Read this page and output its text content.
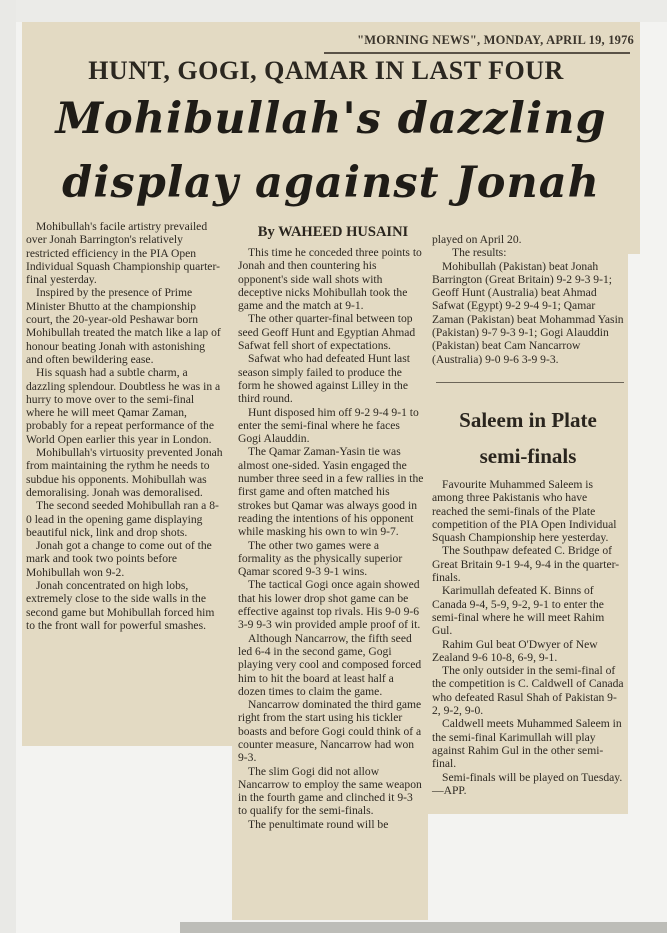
"MORNING NEWS", MONDAY, APRIL 19, 1976
HUNT, GOGI, QAMAR IN LAST FOUR
Mohibullah's dazzling
display against Jonah
By WAHEED HUSAINI

Mohibullah's facile artistry prevailed over Jonah Barrington's relatively restricted efficiency in the PIA Open Individual Squash Championship quarter-final yesterday.

Inspired by the presence of Prime Minister Bhutto at the championship court, the 20-year-old Peshawar born Mohibullah treated the match like a lap of honour beating Jonah with astonishing and often bewildering ease.

His squash had a subtle charm, a dazzling splendour. Doubtless he was in a hurry to move over to the semi-final where he will meet Qamar Zaman, probably for a repeat performance of the World Open earlier this year in London.

Mohibullah's virtuosity prevented Jonah from maintaining the rythm he needs to subdue his opponents. Mohibullah was demoralising. Jonah was demoralised.

The second seeded Mohibullah ran a 8-0 lead in the opening game displaying beautiful nick, link and drop shots.

Jonah got a change to come out of the mark and took two points before Mohibullah won 9-2.

Jonah concentrated on high lobs, extremely close to the side walls in the second game but Mohibullah forced him to the front wall for powerful smashes.

This time he conceded three points to Jonah and then countering his opponent's side wall shots with deceptive nicks Mohibullah took the game and the match at 9-1.

The other quarter-final between top seed Geoff Hunt and Egyptian Ahmad Safwat fell short of expectations.

Safwat who had defeated Hunt last season simply failed to produce the form he showed against Lilley in the third round.

Hunt disposed him off 9-2 9-4 9-1 to enter the semi-final where he faces Gogi Alauddin.

The Qamar Zaman-Yasin tie was almost one-sided. Yasin engaged the number three seed in a few rallies in the first game and often matched his strokes but Qamar was always good in reading the intentions of his opponent while masking his own to win 9-7.

The other two games were a formality as the physically superior Qamar scored 9-3 9-1 wins.

The tactical Gogi once again showed that his lower drop shot game can be effective against top rivals. His 9-0 9-6 3-9 9-3 win provided ample proof of it.

Although Nancarrow, the fifth seed led 6-4 in the second game, Gogi playing very cool and composed forced him to hit the board at least half a dozen times to claim the game.

Nancarrow dominated the third game right from the start using his tickler boasts and before Gogi could think of a counter measure, Nancarrow had won 9-3.

The slim Gogi did not allow Nancarrow to employ the same weapon in the fourth game and clinched it 9-3 to qualify for the semi-finals.

The penultimate round will be

played on April 20.

The results:

Mohibullah (Pakistan) beat Jonah Barrington (Great Britain) 9-2 9-3 9-1; Geoff Hunt (Australia) beat Ahmad Safwat (Egypt) 9-2 9-4 9-1; Qamar Zaman (Pakistan) beat Mohammad Yasin (Pakistan) 9-7 9-3 9-1; Gogi Alauddin (Pakistan) beat Cam Nancarrow (Australia) 9-0 9-6 3-9 9-3.

Saleem in Plate
semi-finals

Favourite Muhammed Saleem is among three Pakistanis who have reached the semi-finals of the Plate competition of the PIA Open Individual Squash Championship here yesterday.

The Southpaw defeated C. Bridge of Great Britain 9-1 9-4, 9-4 in the quarter-finals.

Karimullah defeated K. Binns of Canada 9-4, 5-9, 9-2, 9-1 to enter the semi-final where he will meet Rahim Gul.

Rahim Gul beat O'Dwyer of New Zealand 9-6 10-8, 6-9, 9-1.

The only outsider in the semi-final of the competition is C. Caldwell of Canada who defeated Rasul Shah of Pakistan 9-2, 9-2, 9-0.

Caldwell meets Muhammed Saleem in the semi-final Karimullah will play against Rahim Gul in the other semi-final.

Semi-finals will be played on Tuesday.—APP.
